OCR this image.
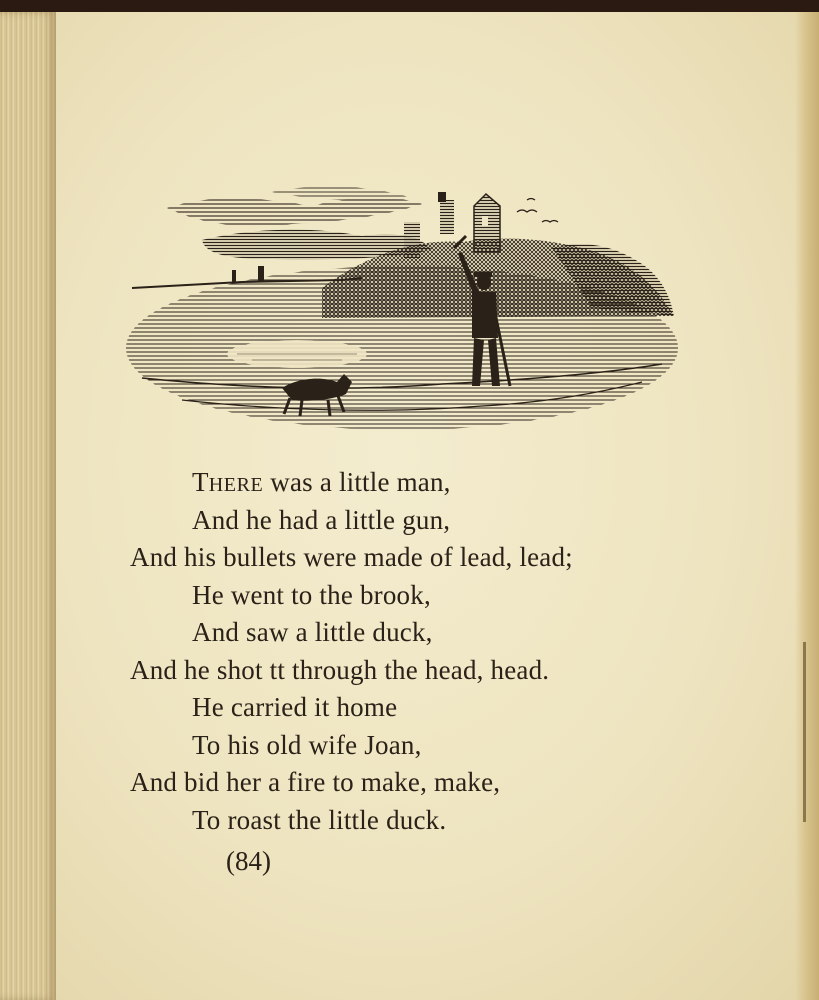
THERE was a little man,
And he had a little gun,
And his bullets were made of lead, lead;
He went to the brook,
And saw a little duck,
And he shot tt through the head, head.
He carried it home
To his old wife Joan,
And bid her a fire to make, make,
To roast the little duck.
(84)
